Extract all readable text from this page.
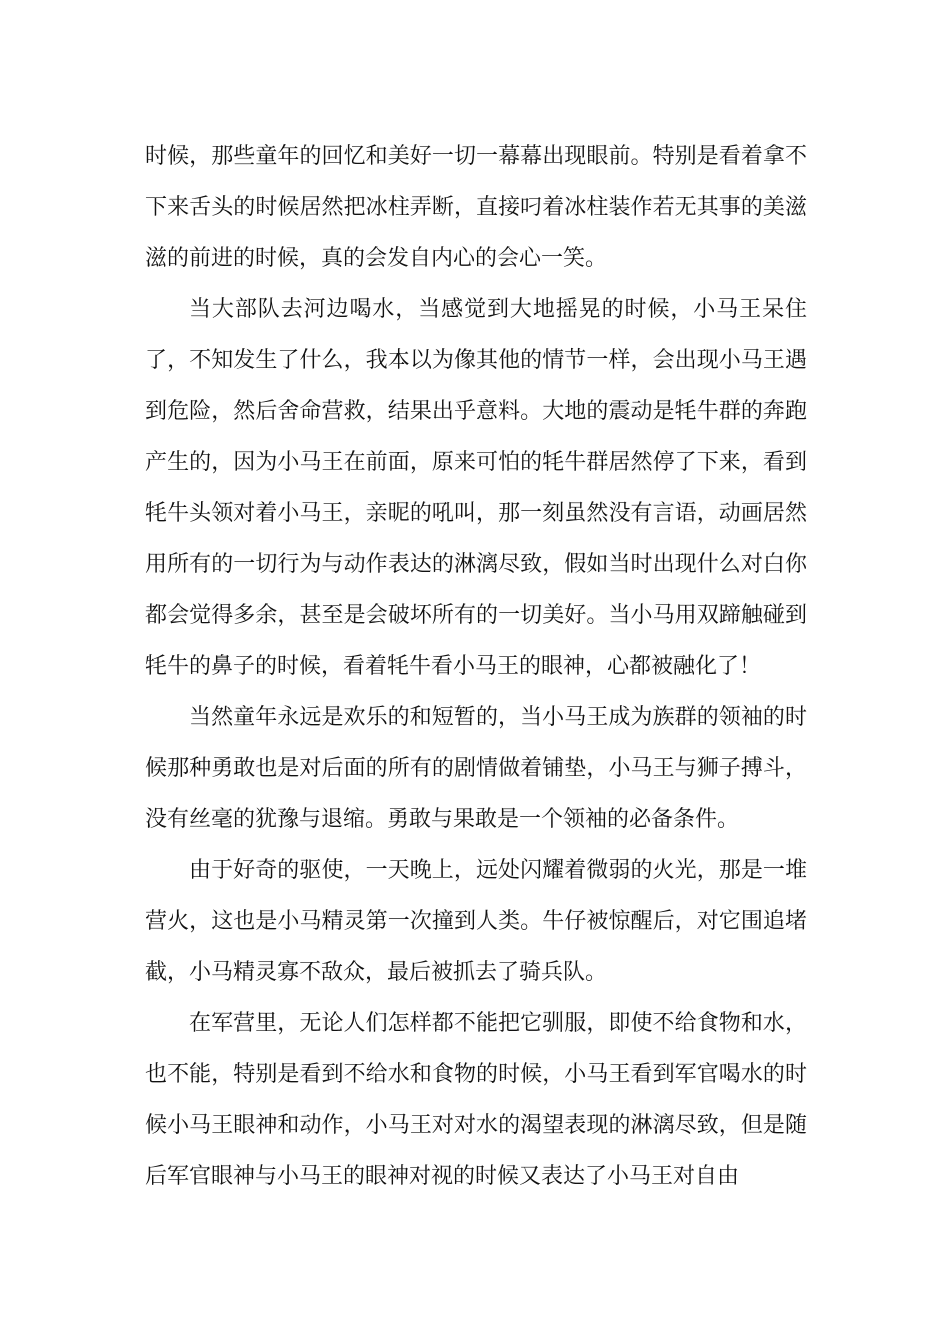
时候，那些童年的回忆和美好一切一幕幕出现眼前。特别是看着拿不下来舌头的时候居然把冰柱弄断，直接叼着冰柱装作若无其事的美滋滋的前进的时候，真的会发自内心的会心一笑。

当大部队去河边喝水，当感觉到大地摇晃的时候，小马王呆住了，不知发生了什么，我本以为像其他的情节一样，会出现小马王遇到危险，然后舍命营救，结果出乎意料。大地的震动是牦牛群的奔跑产生的，因为小马王在前面，原来可怕的牦牛群居然停了下来，看到牦牛头领对着小马王，亲昵的吼叫，那一刻虽然没有言语，动画居然用所有的一切行为与动作表达的淋漓尽致，假如当时出现什么对白你都会觉得多余，甚至是会破坏所有的一切美好。当小马用双蹄触碰到牦牛的鼻子的时候，看着牦牛看小马王的眼神，心都被融化了！

当然童年永远是欢乐的和短暂的，当小马王成为族群的领袖的时候那种勇敢也是对后面的所有的剧情做着铺垫，小马王与狮子搏斗，没有丝毫的犹豫与退缩。勇敢与果敢是一个领袖的必备条件。

由于好奇的驱使，一天晚上，远处闪耀着微弱的火光，那是一堆营火，这也是小马精灵第一次撞到人类。牛仔被惊醒后，对它围追堵截，小马精灵寡不敌众，最后被抓去了骑兵队。

在军营里，无论人们怎样都不能把它驯服，即使不给食物和水，也不能，特别是看到不给水和食物的时候，小马王看到军官喝水的时候小马王眼神和动作，小马王对对水的渴望表现的淋漓尽致，但是随后军官眼神与小马王的眼神对视的时候又表达了小马王对自由
